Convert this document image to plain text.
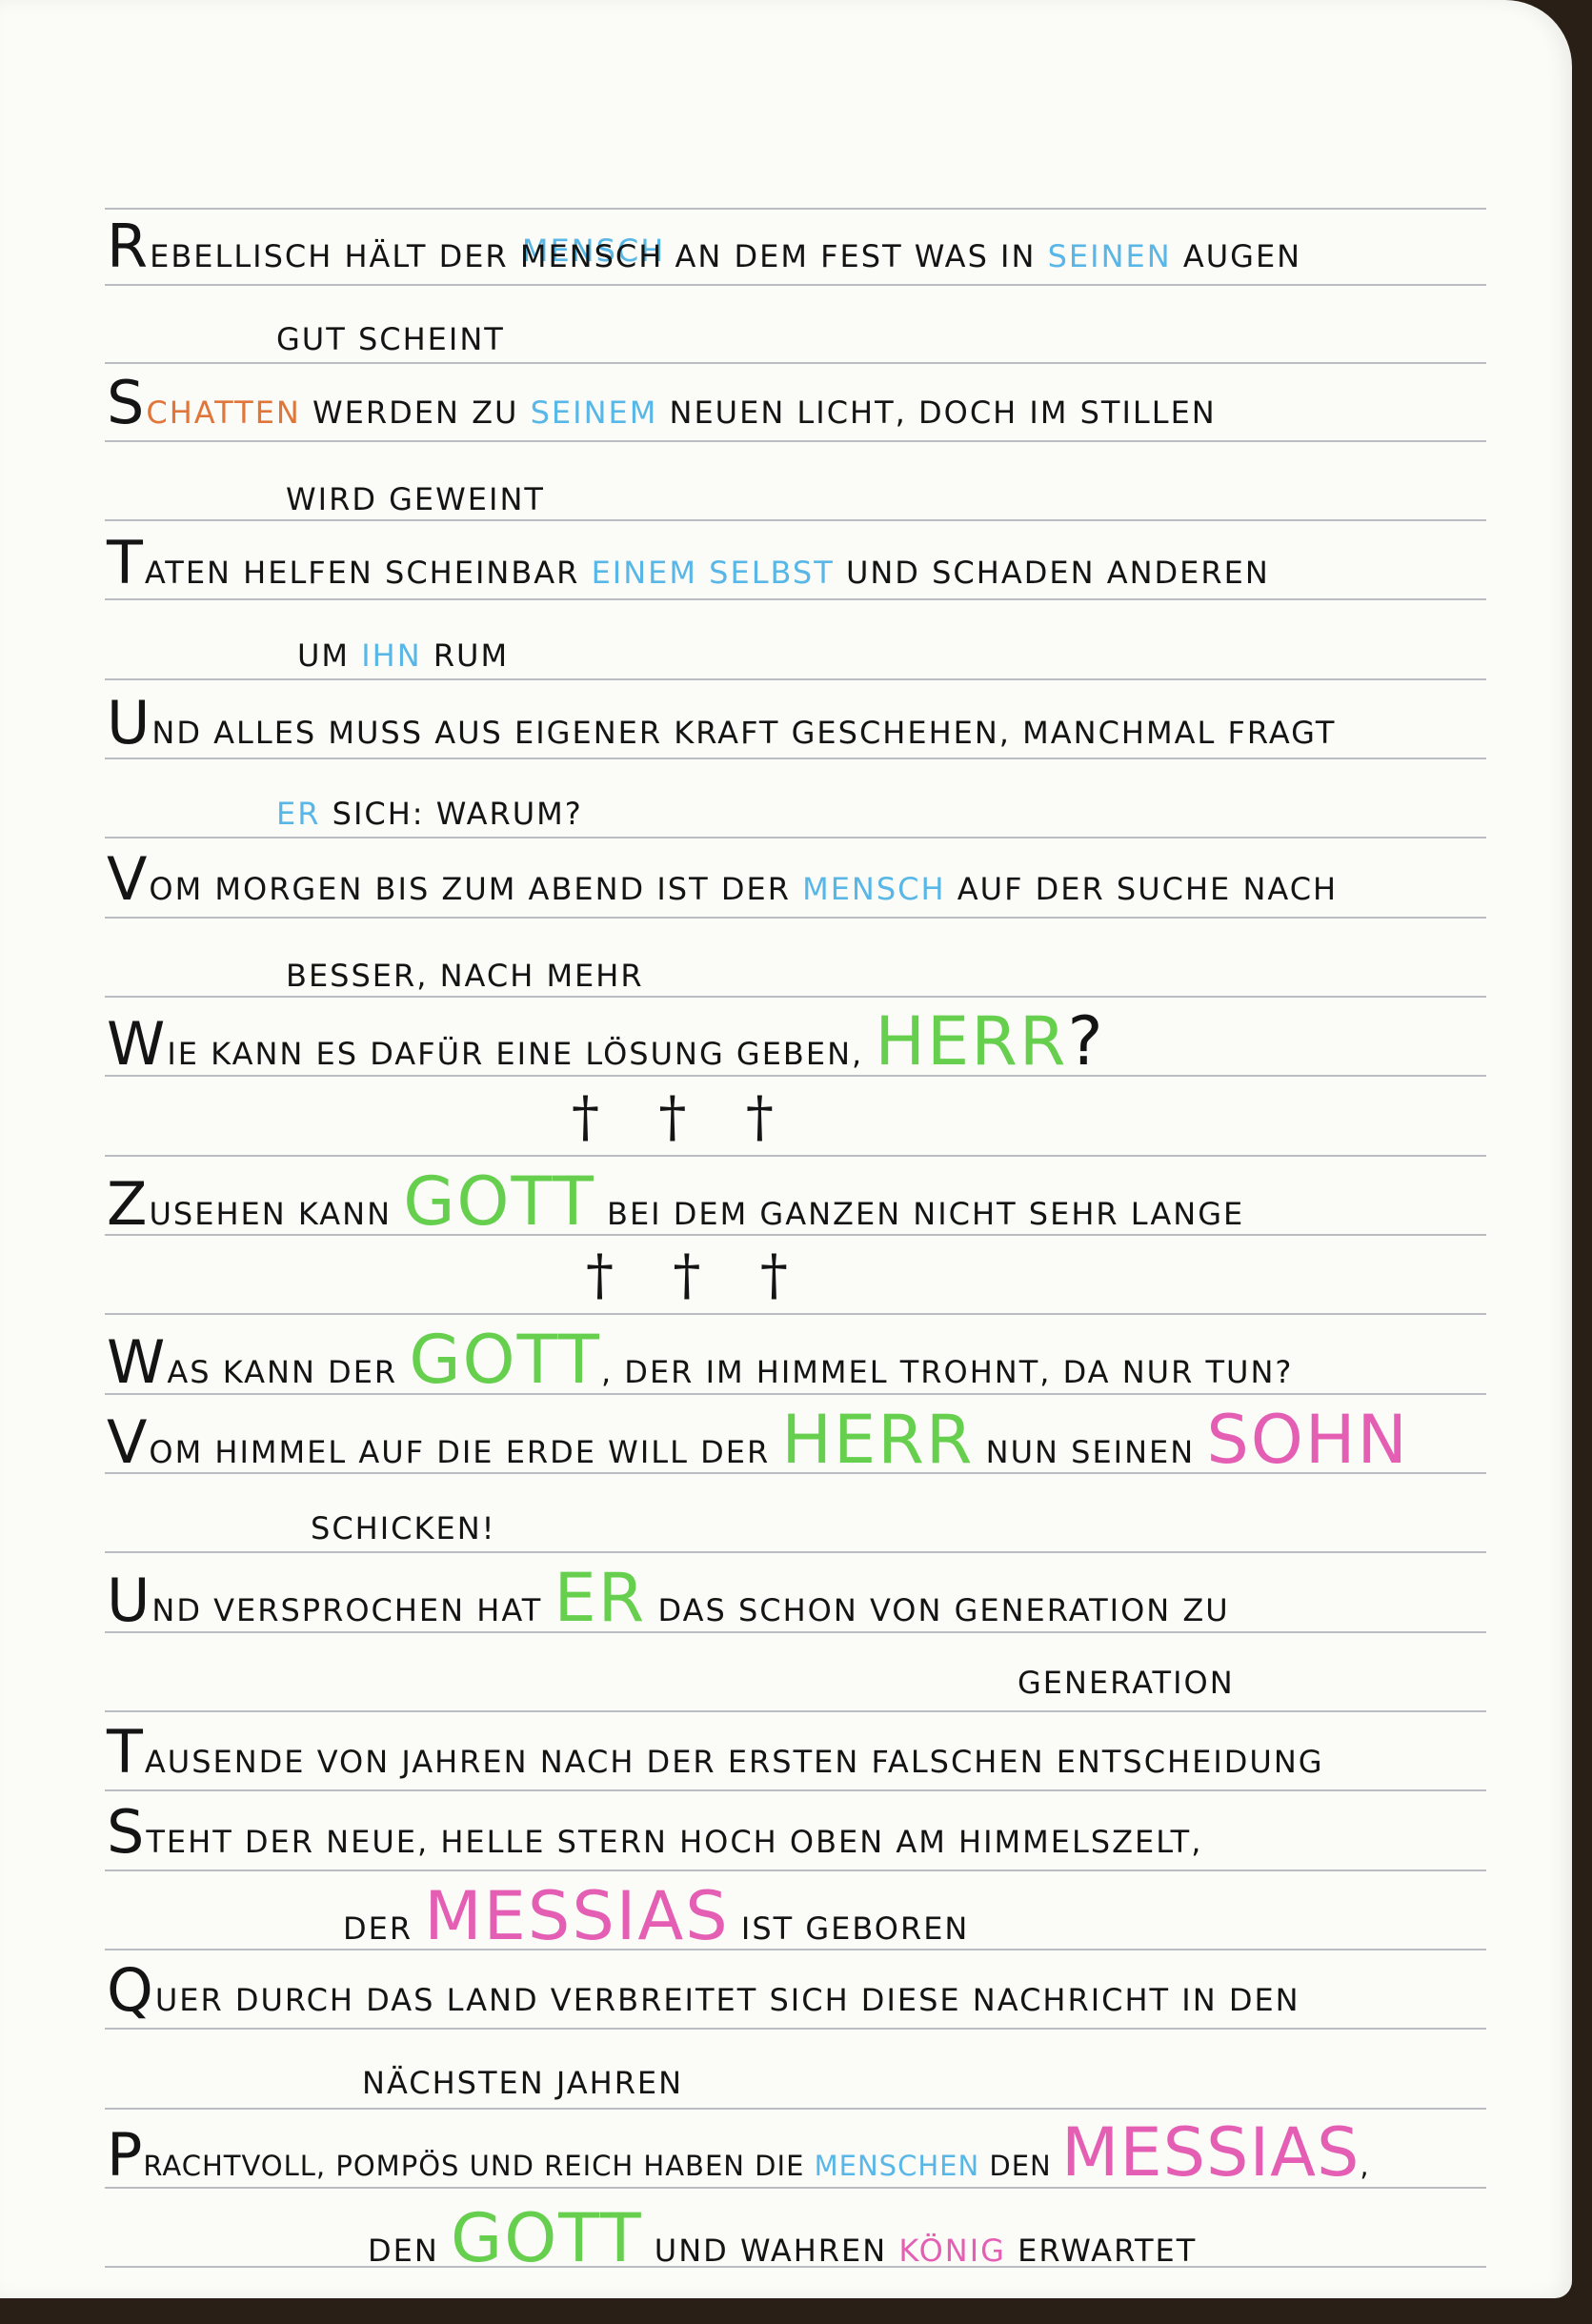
REBELLISCH HÄLT DER MENSCH AN DEM FEST WAS IN SEINEN AUGEN
GUT SCHEINT
SCHATTEN WERDEN ZU SEINEM NEUEN LICHT, DOCH IM STILLEN
WIRD GEWEINT
TATEN HELFEN SCHEINBAR EINEM SELBST UND SCHADEN ANDEREN
UM IHN RUM
UND ALLES MUSS AUS EIGENER KRAFT GESCHEHEN, MANCHMAL FRAGT
ER SICH: WARUM?
VOM MORGEN BIS ZUM ABEND IST DER MENSCH AUF DER SUCHE NACH
BESSER, NACH MEHR
WIE KANN ES DAFÜR EINE LÖSUNG GEBEN, HERR?
† † †
ZUSEHEN KANN GOTT BEI DEM GANZEN NICHT SEHR LANGE
† † †
WAS KANN DER GOTT, DER IM HIMMEL TROHNT, DA NUR TUN?
VOM HIMMEL AUF DIE ERDE WILL DER HERR NUN SEINEN SOHN
SCHICKEN!
UND VERSPROCHEN HAT ER DAS SCHON VON GENERATION ZU
GENERATION
TAUSENDE VON JAHREN NACH DER ERSTEN FALSCHEN ENTSCHEIDUNG
STEHT DER NEUE, HELLE STERN HOCH OBEN AM HIMMELSZELT,
DER MESSIAS IST GEBOREN
QUER DURCH DAS LAND VERBREITET SICH DIESE NACHRICHT IN DEN
NÄCHSTEN JAHREN
PRACHTVOLL, POMPÖS UND REICH HABEN DIE MENSCHEN DEN MESSIAS,
DEN GOTT UND WAHREN KÖNIG ERWARTET
